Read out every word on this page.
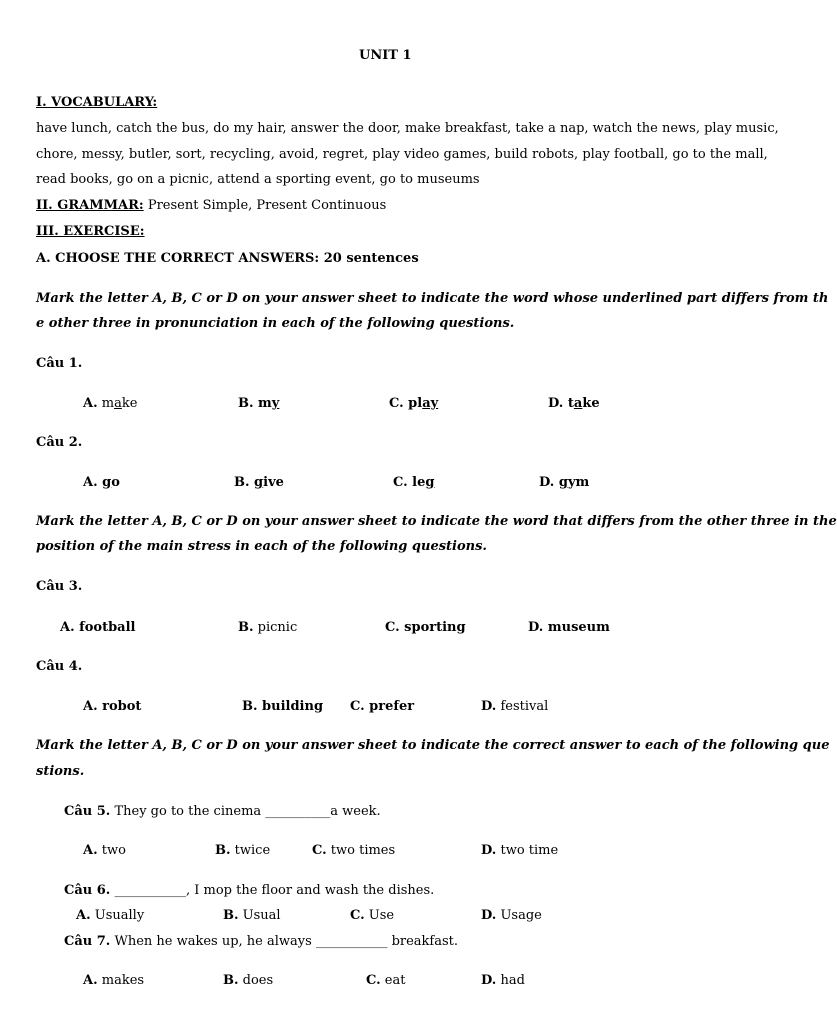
UNIT 1
I. VOCABULARY:
have lunch, catch the bus, do my hair, answer the door, make breakfast, take a nap, watch the news, play music,
chore, messy, butler, sort, recycling, avoid, regret, play video games, build robots, play football, go to the mall,
read books, go on a picnic, attend a sporting event, go to museums
II. GRAMMAR: Present Simple, Present Continuous
III. EXERCISE:
A. CHOOSE THE CORRECT ANSWERS: 20 sentences
Mark the letter A, B, C or D on your answer sheet to indicate the word whose underlined part differs from th
e other three in pronunciation in each of the following questions.
Câu 1.
A. make	B. my	C. play	D. take
Câu 2.
A. go	B. give	C. leg	D. gym
Mark the letter A, B, C or D on your answer sheet to indicate the word that differs from the other three in the
position of the main stress in each of the following questions.
Câu 3.
A. football	B. picnic	C. sporting	D. museum
Câu 4.
A. robot	B. building C. prefer	D. festival
Mark the letter A, B, C or D on your answer sheet to indicate the correct answer to each of the following que
stions.
Câu 5. They go to the cinema __________a week.
A. two	B. twice	C. two times	D. two time
Câu 6. ___________, I mop the floor and wash the dishes.
A. Usually	B. Usual	C. Use	D. Usage
Câu 7. When he wakes up, he always ___________ breakfast.
A. makes	B. does	C. eat	D. had
